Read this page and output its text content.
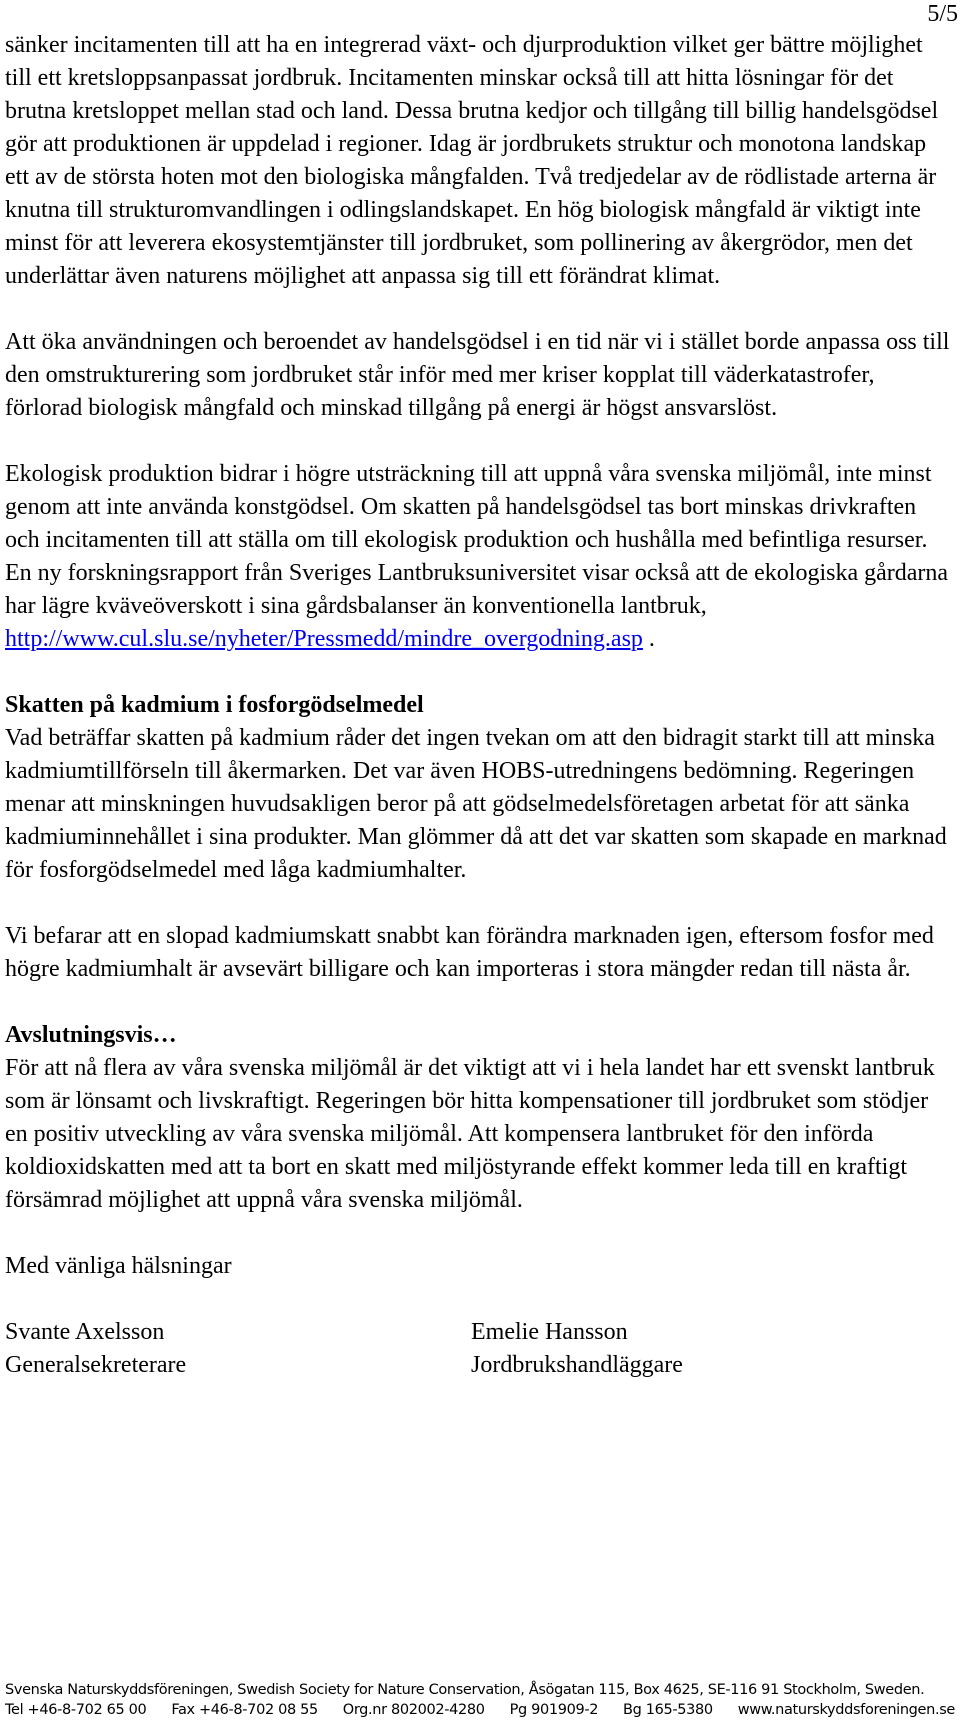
5/5

sänker incitamenten till att ha en integrerad växt- och djurproduktion vilket ger bättre möjlighet till ett kretsloppsanpassat jordbruk. Incitamenten minskar också till att hitta lösningar för det brutna kretsloppet mellan stad och land. Dessa brutna kedjor och tillgång till billig handelsgödsel gör att produktionen är uppdelad i regioner. Idag är jordbrukets struktur och monotona landskap ett av de största hoten mot den biologiska mångfalden. Två tredjedelar av de rödlistade arterna är knutna till strukturomvandlingen i odlingslandskapet. En hög biologisk mångfald är viktigt inte minst för att leverera ekosystemtjänster till jordbruket, som pollinering av åkergrödor, men det underlättar även naturens möjlighet att anpassa sig till ett förändrat klimat.

Att öka användningen och beroendet av handelsgödsel i en tid när vi i stället borde anpassa oss till den omstrukturering som jordbruket står inför med mer kriser kopplat till väderkatastrofer, förlorad biologisk mångfald och minskad tillgång på energi är högst ansvarslöst.

Ekologisk produktion bidrar i högre utsträckning till att uppnå våra svenska miljömål, inte minst genom att inte använda konstgödsel. Om skatten på handelsgödsel tas bort minskas drivkraften och incitamenten till att ställa om till ekologisk produktion och hushålla med befintliga resurser. En ny forskningsrapport från Sveriges Lantbruksuniversitet visar också att de ekologiska gårdarna har lägre kväveöverskott i sina gårdsbalanser än konventionella lantbruk,
http://www.cul.slu.se/nyheter/Pressmedd/mindre_overgodning.asp .

Skatten på kadmium i fosforgödselmedel

Vad beträffar skatten på kadmium råder det ingen tvekan om att den bidragit starkt till att minska kadmiumtillförseln till åkermarken. Det var även HOBS-utredningens bedömning. Regeringen menar att minskningen huvudsakligen beror på att gödselmedelsföretagen arbetat för att sänka kadmiuminnehållet i sina produkter. Man glömmer då att det var skatten som skapade en marknad för fosforgödselmedel med låga kadmiumhalter.

Vi befarar att en slopad kadmiumskatt snabbt kan förändra marknaden igen, eftersom fosfor med högre kadmiumhalt är avsevärt billigare och kan importeras i stora mängder redan till nästa år.

Avslutningsvis…

För att nå flera av våra svenska miljömål är det viktigt att vi i hela landet har ett svenskt lantbruk som är lönsamt och livskraftigt. Regeringen bör hitta kompensationer till jordbruket som stödjer en positiv utveckling av våra svenska miljömål. Att kompensera lantbruket för den införda koldioxidskatten med att ta bort en skatt med miljöstyrande effekt kommer leda till en kraftigt försämrad möjlighet att uppnå våra svenska miljömål.

Med vänliga hälsningar

Svante Axelsson
Generalsekreterare
Emelie Hansson
Jordbrukshandläggare
Svenska Naturskyddsföreningen, Swedish Society for Nature Conservation, Åsögatan 115, Box 4625, SE-116 91 Stockholm, Sweden.
Tel +46-8-702 65 00 Fax +46-8-702 08 55 Org.nr 802002-4280 Pg 901909-2 Bg 165-5380 www.naturskyddsforeningen.se
